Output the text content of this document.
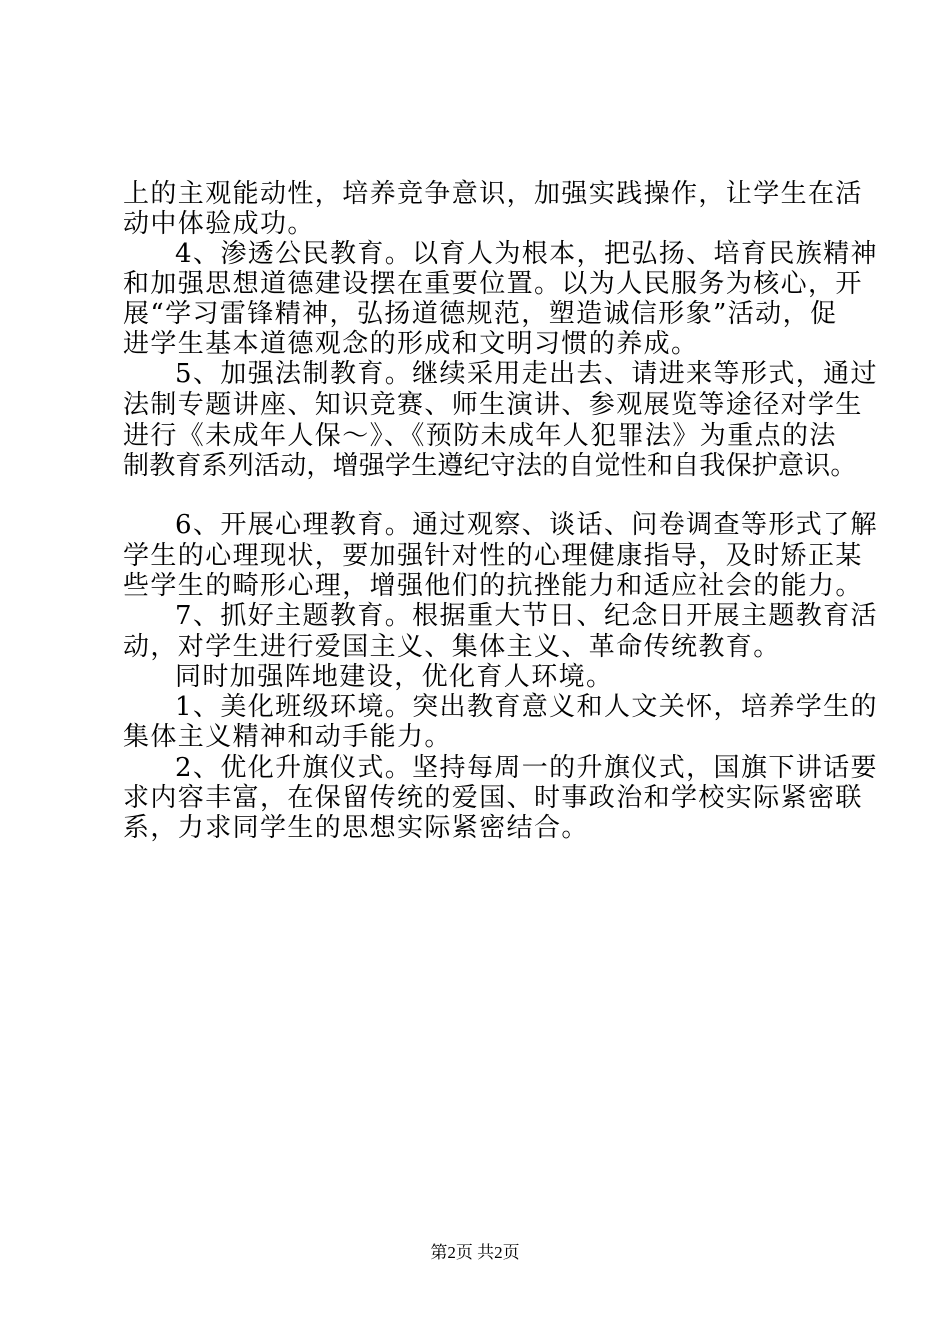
上的主观能动性，培养竞争意识，加强实践操作，让学生在活
动中体验成功。
4、渗透公民教育。以育人为根本，把弘扬、培育民族精神
和加强思想道德建设摆在重要位置。以为人民服务为核心，开
展“学习雷锋精神，弘扬道德规范，塑造诚信形象”活动，促
进学生基本道德观念的形成和文明习惯的养成。
5、加强法制教育。继续采用走出去、请进来等形式，通过
法制专题讲座、知识竞赛、师生演讲、参观展览等途径对学生
进行《未成年人保～》、《预防未成年人犯罪法》为重点的法
制教育系列活动，增强学生遵纪守法的自觉性和自我保护意识。
6、开展心理教育。通过观察、谈话、问卷调查等形式了解
学生的心理现状，要加强针对性的心理健康指导，及时矫正某
些学生的畸形心理，增强他们的抗挫能力和适应社会的能力。
7、抓好主题教育。根据重大节日、纪念日开展主题教育活
动，对学生进行爱国主义、集体主义、革命传统教育。
同时加强阵地建设，优化育人环境。
1、美化班级环境。突出教育意义和人文关怀，培养学生的
集体主义精神和动手能力。
2、优化升旗仪式。坚持每周一的升旗仪式，国旗下讲话要
求内容丰富，在保留传统的爱国、时事政治和学校实际紧密联
系，力求同学生的思想实际紧密结合。
第2页 共2页
